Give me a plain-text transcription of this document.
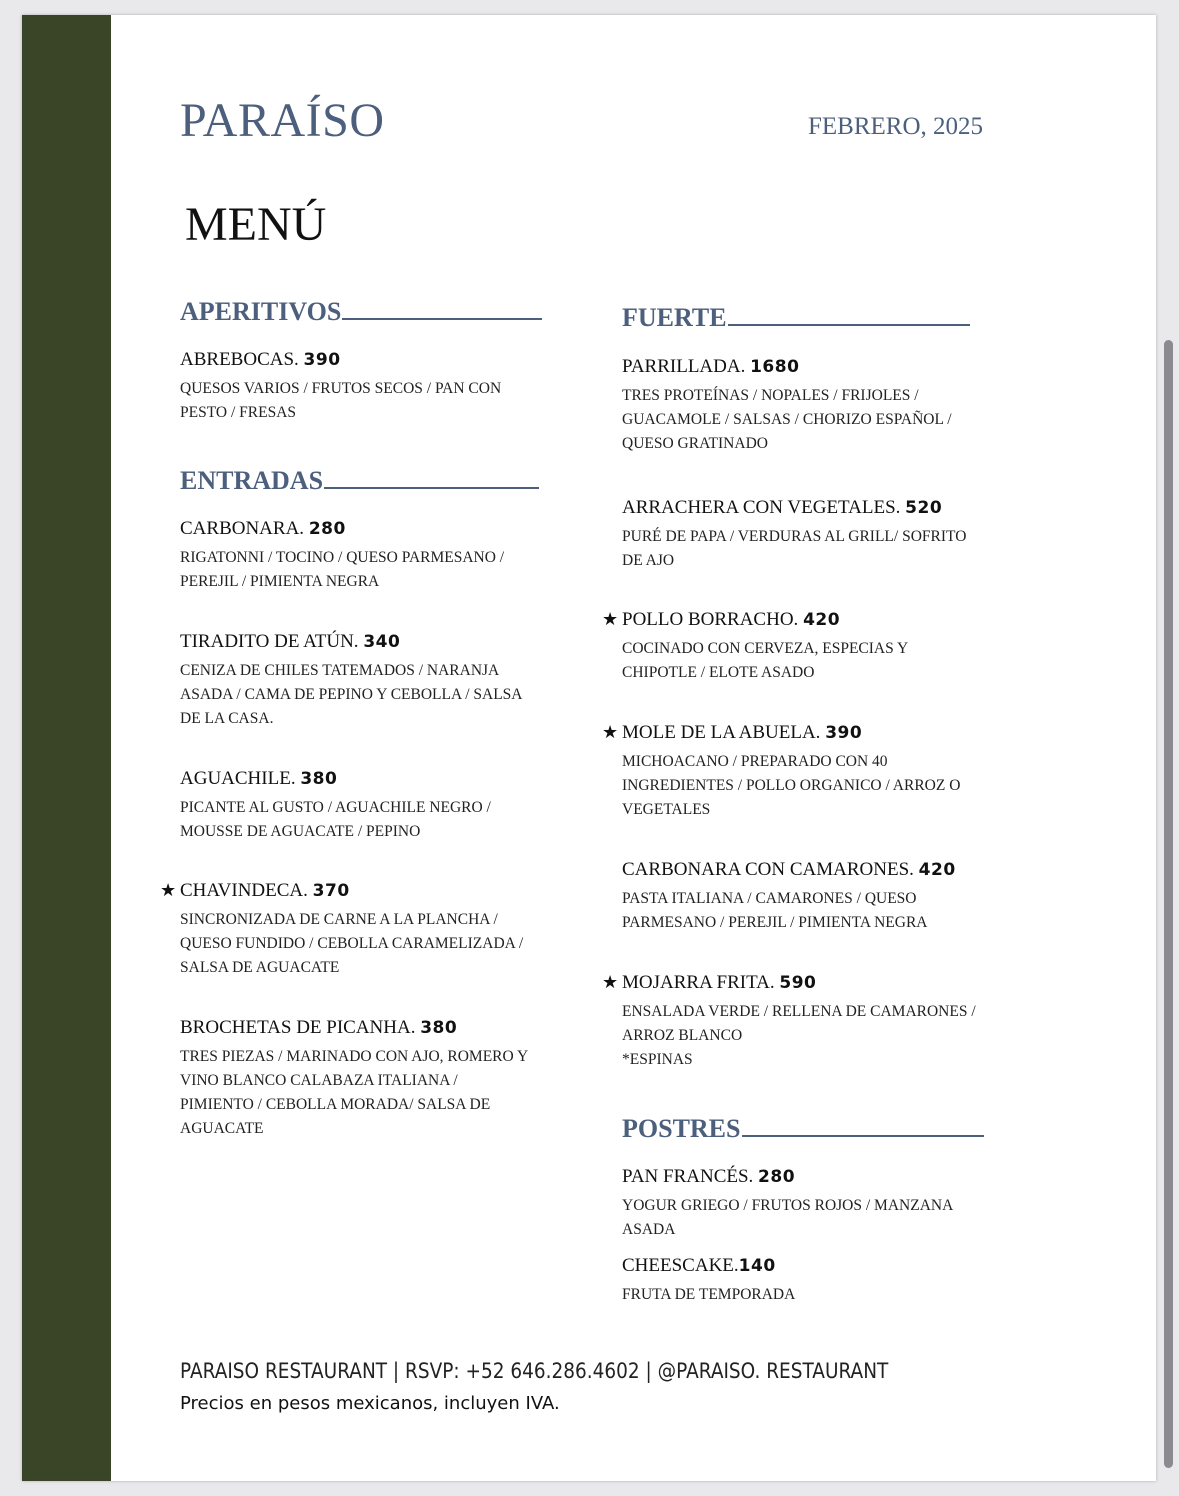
PARAÍSO	FEBRERO, 2025
MENÚ
APERITIVOS
ABREBOCAS. 390
QUESOS VARIOS / FRUTOS SECOS / PAN CON
PESTO / FRESAS
ENTRADAS
CARBONARA. 280
RIGATONNI / TOCINO / QUESO PARMESANO /
PEREJIL / PIMIENTA NEGRA
TIRADITO DE ATÚN. 340
CENIZA DE CHILES TATEMADOS / NARANJA
ASADA / CAMA DE PEPINO Y CEBOLLA / SALSA
DE LA CASA.
AGUACHILE. 380
PICANTE AL GUSTO / AGUACHILE NEGRO /
MOUSSE DE AGUACATE / PEPINO
★ CHAVINDECA. 370
SINCRONIZADA DE CARNE A LA PLANCHA /
QUESO FUNDIDO / CEBOLLA CARAMELIZADA /
SALSA DE AGUACATE
BROCHETAS DE PICANHA. 380
TRES PIEZAS / MARINADO CON AJO, ROMERO Y
VINO BLANCO CALABAZA ITALIANA /
PIMIENTO / CEBOLLA MORADA/ SALSA DE
AGUACATE
FUERTE
PARRILLADA. 1680
TRES PROTEÍNAS / NOPALES / FRIJOLES /
GUACAMOLE / SALSAS / CHORIZO ESPAÑOL /
QUESO GRATINADO
ARRACHERA CON VEGETALES. 520
PURÉ DE PAPA / VERDURAS AL GRILL/ SOFRITO
DE AJO
★ POLLO BORRACHO. 420
COCINADO CON CERVEZA, ESPECIAS Y
CHIPOTLE / ELOTE ASADO
★ MOLE DE LA ABUELA. 390
MICHOACANO / PREPARADO CON 40
INGREDIENTES / POLLO ORGANICO / ARROZ O
VEGETALES
CARBONARA CON CAMARONES. 420
PASTA ITALIANA / CAMARONES / QUESO
PARMESANO / PEREJIL / PIMIENTA NEGRA
★ MOJARRA FRITA. 590
ENSALADA VERDE / RELLENA DE CAMARONES /
ARROZ BLANCO
*ESPINAS
POSTRES
PAN FRANCÉS. 280
YOGUR GRIEGO / FRUTOS ROJOS / MANZANA
ASADA
CHEESCAKE.140
FRUTA DE TEMPORADA
PARAISO RESTAURANT | RSVP: +52 646.286.4602 | @PARAISO. RESTAURANT
Precios en pesos mexicanos, incluyen IVA.
